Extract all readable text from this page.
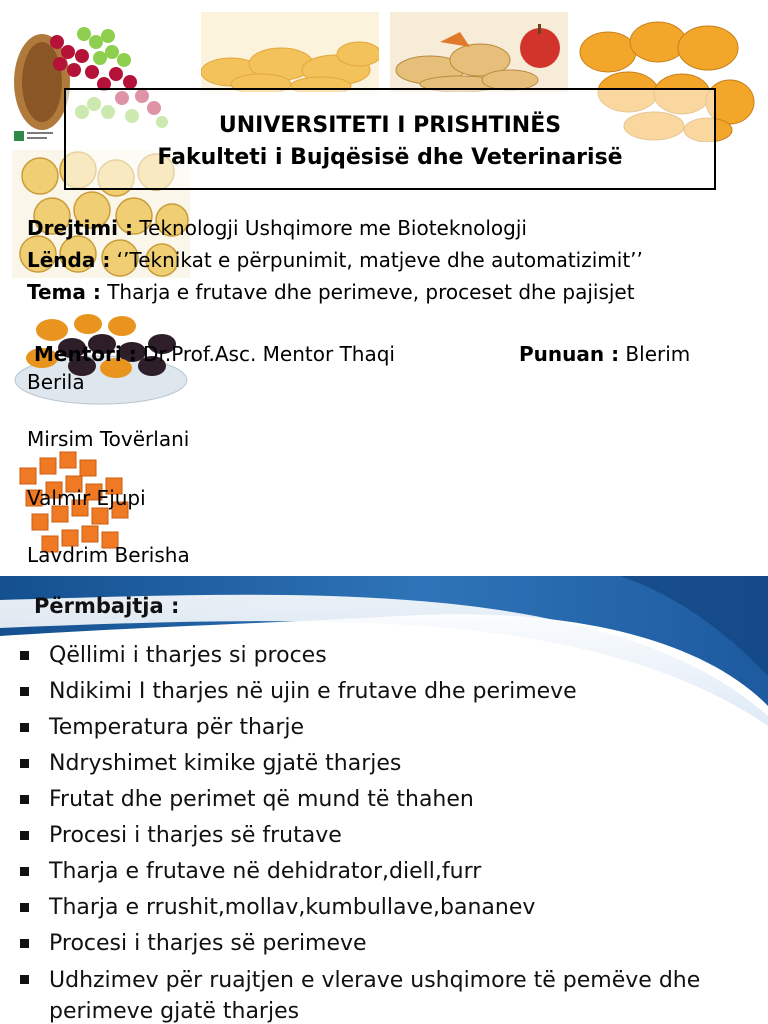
UNIVERSITETI I PRISHTINËS
Fakulteti i Bujqësisë dhe Veterinarisë
Drejtimi : Teknologji Ushqimore me Bioteknologji
Lënda : ‘’Teknikat e përpunimit, matjeve dhe automatizimit’’
Tema : Tharja e frutave dhe perimeve, proceset dhe pajisjet
Mentori : Dr.Prof.Asc. Mentor Thaqi	Punuan : Blerim
Berila
Mirsim Tovërlani
Valmir Ejupi
Lavdrim Berisha
Përmbajtja :
Qëllimi i tharjes si proces
Ndikimi I tharjes në ujin e frutave dhe perimeve
Temperatura për tharje
Ndryshimet kimike gjatë tharjes
Frutat dhe perimet që mund të thahen
Procesi i tharjes së frutave
Tharja e frutave në dehidrator,diell,furr
Tharja e rrushit,mollav,kumbullave,bananev
Procesi i tharjes së perimeve
Udhzimev për ruajtjen e vlerave ushqimore të pemëve dhe perimeve gjatë tharjes
